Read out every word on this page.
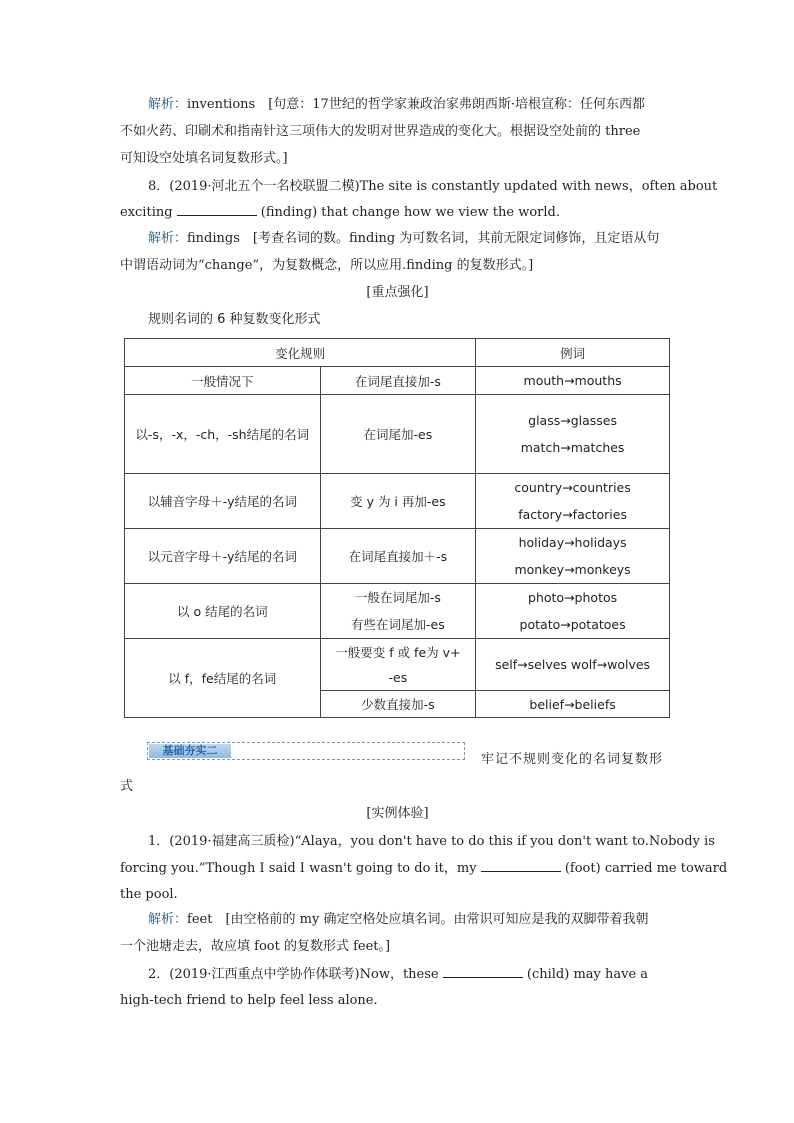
解析：inventions　[句意：17世纪的哲学家兼政治家弗朗西斯·培根宣称：任何东西都
不如火药、印刷术和指南针这三项伟大的发明对世界造成的变化大。根据设空处前的 three
可知设空处填名词复数形式。]
8．(2019·河北五个一名校联盟二模)The site is constantly updated with news，often about
exciting	(finding) that change how we view the world.
解析：findings　[考查名词的数。finding 为可数名词，其前无限定词修饰，且定语从句
中谓语动词为“change”，为复数概念，所以应用.finding 的复数形式。]
[重点强化]
规则名词的 6 种复数变化形式
变化规则		例词
一般情况下	在词尾直接加-s	mouth→mouths
以-s，-x，-ch，-sh结尾的名词	在词尾加-es	glass→glasses
match→matches

以辅音字母＋-y结尾的名词	变 y 为 i 再加-es	country→countries
factory→factories

以元音字母＋-y结尾的名词	在词尾直接加＋-s	holiday→holidays
monkey→monkeys

以 o 结尾的名词	一般在词尾加-s
有些在词尾加-es	photo→photos
potato→potatoes

以 f，fe结尾的名词	一般要变 f 或 fe为 v+
-es	self→selves wolf→wolves
	少数直接加-s	belief→beliefs
基础夯实二
牢记不规则变化的名词复数形
式
[实例体验]
1．(2019·福建高三质检)“Alaya，you don't have to do this if you don't want to.Nobody is
forcing you.”Though I said I wasn't going to do it，my	(foot) carried me toward
the pool.
解析：feet　[由空格前的 my 确定空格处应填名词。由常识可知应是我的双脚带着我朝
一个池塘走去，故应填 foot 的复数形式 feet。]
2．(2019·江西重点中学协作体联考)Now，these	(child) may have a
high-tech friend to help feel less alone.
